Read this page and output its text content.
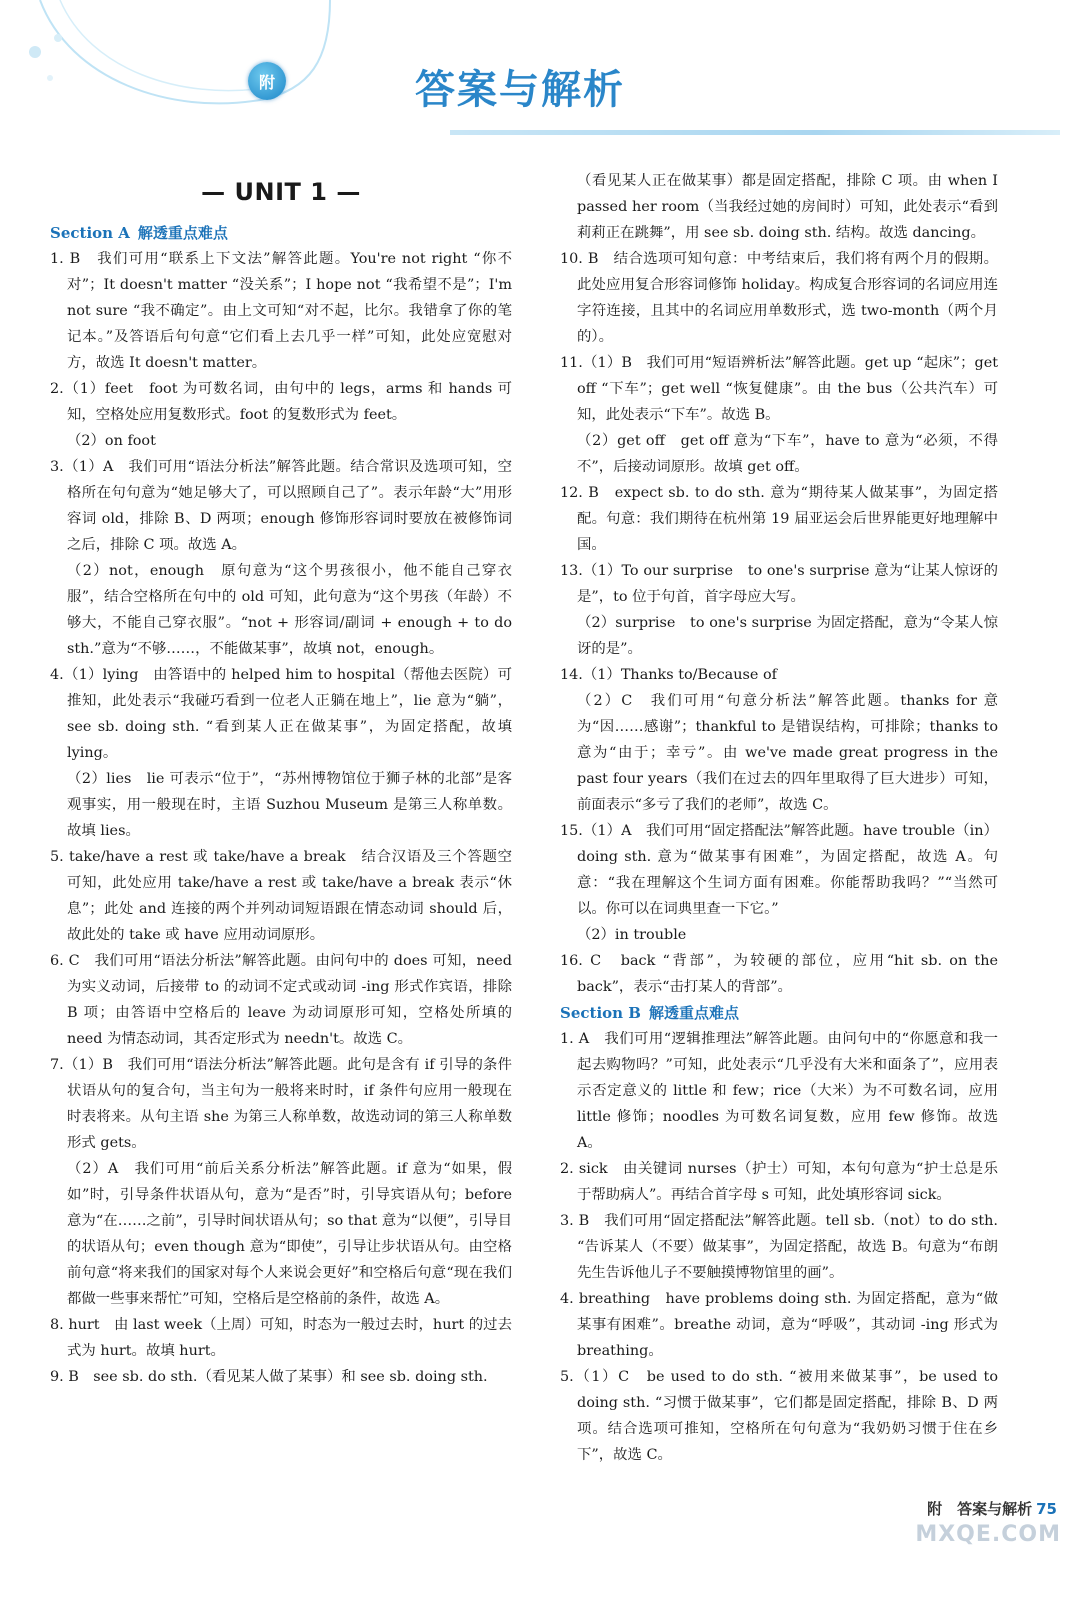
附	答案与解析
— UNIT 1 —
Section A 解透重点难点

1. B　我们可用“联系上下文法”解答此题。You're not right “你不对”；It doesn't matter “没关系”；I hope not “我希望不是”；I'm not sure “我不确定”。由上文可知“对不起，比尔。我错拿了你的笔记本。”及答语后句句意“它们看上去几乎一样”可知，此处应宽慰对方，故选 It doesn't matter。

2.（1）feet　foot 为可数名词，由句中的 legs，arms 和 hands 可知，空格处应用复数形式。foot 的复数形式为 feet。

（2）on foot

3.（1）A　我们可用“语法分析法”解答此题。结合常识及选项可知，空格所在句句意为“她足够大了，可以照顾自己了”。表示年龄“大”用形容词 old，排除 B、D 两项；enough 修饰形容词时要放在被修饰词之后，排除 C 项。故选 A。

（2）not，enough　原句意为“这个男孩很小，他不能自己穿衣服”，结合空格所在句中的 old 可知，此句意为“这个男孩（年龄）不够大，不能自己穿衣服”。“not + 形容词/副词 + enough + to do sth.”意为“不够……，不能做某事”，故填 not，enough。

4.（1）lying　由答语中的 helped him to hospital（帮他去医院）可推知，此处表示“我碰巧看到一位老人正躺在地上”，lie 意为“躺”，see sb. doing sth. “看到某人正在做某事”，为固定搭配，故填 lying。

（2）lies　lie 可表示“位于”，“苏州博物馆位于狮子林的北部”是客观事实，用一般现在时，主语 Suzhou Museum 是第三人称单数。故填 lies。

5. take/have a rest 或 take/have a break　结合汉语及三个答题空可知，此处应用 take/have a rest 或 take/have a break 表示“休息”；此处 and 连接的两个并列动词短语跟在情态动词 should 后，故此处的 take 或 have 应用动词原形。

6. C　我们可用“语法分析法”解答此题。由问句中的 does 可知，need 为实义动词，后接带 to 的动词不定式或动词 -ing 形式作宾语，排除 B 项；由答语中空格后的 leave 为动词原形可知，空格处所填的 need 为情态动词，其否定形式为 needn't。故选 C。

7.（1）B　我们可用“语法分析法”解答此题。此句是含有 if 引导的条件状语从句的复合句，当主句为一般将来时时，if 条件句应用一般现在时表将来。从句主语 she 为第三人称单数，故选动词的第三人称单数形式 gets。

（2）A　我们可用“前后关系分析法”解答此题。if 意为“如果，假如”时，引导条件状语从句，意为“是否”时，引导宾语从句；before 意为“在……之前”，引导时间状语从句；so that 意为“以便”，引导目的状语从句；even though 意为“即使”，引导让步状语从句。由空格前句意“将来我们的国家对每个人来说会更好”和空格后句意“现在我们都做一些事来帮忙”可知，空格后是空格前的条件，故选 A。

8. hurt　由 last week（上周）可知，时态为一般过去时，hurt 的过去式为 hurt。故填 hurt。

9. B　see sb. do sth.（看见某人做了某事）和 see sb. doing sth.

（看见某人正在做某事）都是固定搭配，排除 C 项。由 when I passed her room（当我经过她的房间时）可知，此处表示“看到莉莉正在跳舞”，用 see sb. doing sth. 结构。故选 dancing。

10. B　结合选项可知句意：中考结束后，我们将有两个月的假期。此处应用复合形容词修饰 holiday。构成复合形容词的名词应用连字符连接，且其中的名词应用单数形式，选 two-month（两个月的）。

11.（1）B　我们可用“短语辨析法”解答此题。get up “起床”；get off “下车”；get well “恢复健康”。由 the bus（公共汽车）可知，此处表示“下车”。故选 B。

（2）get off　get off 意为“下车”，have to 意为“必须，不得不”，后接动词原形。故填 get off。

12. B　expect sb. to do sth. 意为“期待某人做某事”，为固定搭配。句意：我们期待在杭州第 19 届亚运会后世界能更好地理解中国。

13.（1）To our surprise　to one's surprise 意为“让某人惊讶的是”，to 位于句首，首字母应大写。

（2）surprise　to one's surprise 为固定搭配，意为“令某人惊讶的是”。

14.（1）Thanks to/Because of

（2）C　我们可用“句意分析法”解答此题。thanks for 意为“因……感谢”；thankful to 是错误结构，可排除；thanks to 意为“由于；幸亏”。由 we've made great progress in the past four years（我们在过去的四年里取得了巨大进步）可知，前面表示“多亏了我们的老师”，故选 C。

15.（1）A　我们可用“固定搭配法”解答此题。have trouble（in）doing sth. 意为“做某事有困难”，为固定搭配，故选 A。句意：“我在理解这个生词方面有困难。你能帮助我吗？”“当然可以。你可以在词典里查一下它。”

（2）in trouble

16. C　back “背部”，为较硬的部位，应用“hit sb. on the back”，表示“击打某人的背部”。

Section B 解透重点难点

1. A　我们可用“逻辑推理法”解答此题。由问句中的“你愿意和我一起去购物吗？”可知，此处表示“几乎没有大米和面条了”，应用表示否定意义的 little 和 few；rice（大米）为不可数名词，应用 little 修饰；noodles 为可数名词复数，应用 few 修饰。故选 A。

2. sick　由关键词 nurses（护士）可知，本句句意为“护士总是乐于帮助病人”。再结合首字母 s 可知，此处填形容词 sick。

3. B　我们可用“固定搭配法”解答此题。tell sb.（not）to do sth. “告诉某人（不要）做某事”，为固定搭配，故选 B。句意为“布朗先生告诉他儿子不要触摸博物馆里的画”。

4. breathing　have problems doing sth. 为固定搭配，意为“做某事有困难”。breathe 动词，意为“呼吸”，其动词 -ing 形式为 breathing。

5.（1）C　be used to do sth. “被用来做某事”，be used to doing sth. “习惯于做某事”，它们都是固定搭配，排除 B、D 两项。结合选项可推知，空格所在句句意为“我奶奶习惯于住在乡下”，故选 C。

附　答案与解析 75
MXQE.COM
